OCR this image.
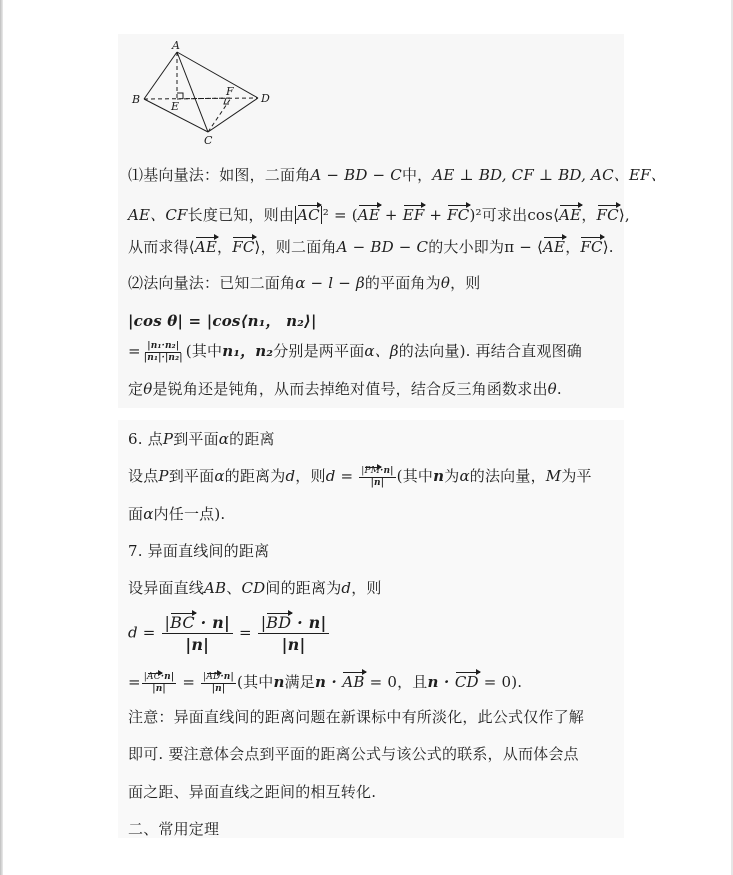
A
B
C
D
E
F
⑴基向量法：如图，二面角A − BD − C中，AE ⊥ BD, CF ⊥ BD, AC、EF、
AE、CF长度已知，则由 AC ² = (AE + EF + FC)²可求出cos⟨AE，FC⟩,
从而求得⟨AE，FC⟩，则二面角A − BD − C的大小即为π − ⟨AE，FC⟩.
⑵法向量法：已知二面角α − l − β的平面角为θ，则
|cos θ| = |cos⟨n₁， n₂⟩|
= $\frac{\text{|n₁·n₂|}}{\text{|n₁|·|n₂|}}$ (其中n₁，n₂分别是两平面α、β的法向量). 再结合直观图确
定θ是锐角还是钝角，从而去掉绝对值号，结合反三角函数求出θ.
6. 点P到平面α的距离
设点P到平面α的距离为d，则$d = \frac{|PM\cdot n|}{|n|}$ (其中n为α的法向量，M为平
面α内任一点).
7. 异面直线间的距离
设异面直线AB、CD间的距离为d，则
$d = \frac{|BC \cdot n|}{|n|} = \frac{|BD \cdot n|}{|n|}$
= $\frac{|AC\cdot n|}{|n|} = \frac{|AD\cdot n|}{|n|}$ (其中n满足n · AB = 0，且n · CD = 0).
注意：异面直线间的距离问题在新课标中有所淡化，此公式仅作了解
即可. 要注意体会点到平面的距离公式与该公式的联系，从而体会点
面之距、异面直线之距间的相互转化.
二、常用定理
